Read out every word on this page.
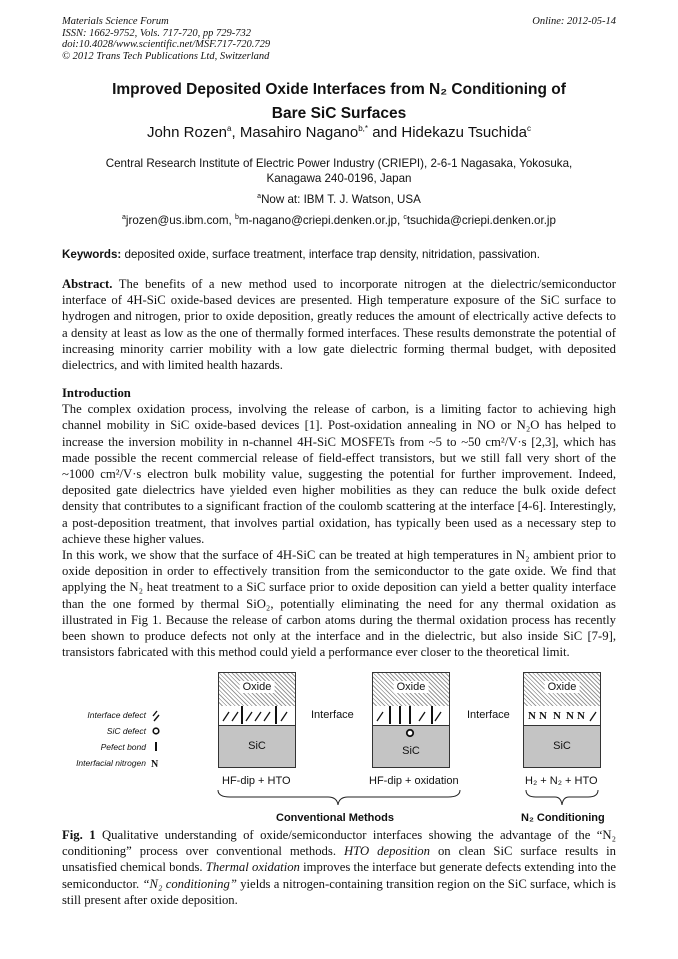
Materials Science Forum
ISSN: 1662-9752, Vols. 717-720, pp 729-732
doi:10.4028/www.scientific.net/MSF.717-720.729
© 2012 Trans Tech Publications Ltd, Switzerland
Online: 2012-05-14
Improved Deposited Oxide Interfaces from N₂ Conditioning of
Bare SiC Surfaces
John Rozen$^a$, Masahiro Nagano$^{b,*}$ and Hidekazu Tsuchida$^c$
Central Research Institute of Electric Power Industry (CRIEPI), 2-6-1 Nagasaka, Yokosuka,
Kanagawa 240-0196, Japan
$^a$Now at: IBM T. J. Watson, USA
$^a$jrozen@us.ibm.com, $^b$m-nagano@criepi.denken.or.jp, $^c$tsuchida@criepi.denken.or.jp
Keywords: deposited oxide, surface treatment, interface trap density, nitridation, passivation.

Abstract. The benefits of a new method used to incorporate nitrogen at the dielectric/semiconductor interface of 4H-SiC oxide-based devices are presented. High temperature exposure of the SiC surface to hydrogen and nitrogen, prior to oxide deposition, greatly reduces the amount of electrically active defects to a density at least as low as the one of thermally formed interfaces. These results demonstrate the potential of increasing minority carrier mobility with a low gate dielectric forming thermal budget, with deposited dielectrics, and with limited health hazards.

Introduction

The complex oxidation process, involving the release of carbon, is a limiting factor to achieving high channel mobility in SiC oxide-based devices [1]. Post-oxidation annealing in NO or N₂O has helped to increase the inversion mobility in n-channel 4H-SiC MOSFETs from ~5 to ~50 cm²/V·s [2,3], which has made possible the recent commercial release of field-effect transistors, but we still fall very short of the ~1000 cm²/V·s electron bulk mobility value, suggesting the potential for further improvement. Indeed, deposited gate dielectrics have yielded even higher mobilities as they can reduce the bulk oxide defect density that contributes to a significant fraction of the coulomb scattering at the interface [4-6]. Interestingly, a post-deposition treatment, that involves partial oxidation, has typically been used as a necessary step to achieve these higher values.

In this work, we show that the surface of 4H-SiC can be treated at high temperatures in N₂ ambient prior to oxide deposition in order to effectively transition from the semiconductor to the gate oxide. We find that applying the N₂ heat treatment to a SiC surface prior to oxide deposition can yield a better quality interface than the one formed by thermal SiO₂, potentially eliminating the need for any thermal oxidation as illustrated in Fig 1. Because the release of carbon atoms during the thermal oxidation process has recently been shown to produce defects not only at the interface and in the dielectric, but also inside SiC [7-9], transistors fabricated with this method could yield a performance ever closer to the theoretical limit.

Interface defect
SiC defect
Pefect bond
Interfacial nitrogen N
Oxide
SiC
Oxide
SiC
Oxide
N N N N N
SiC
Interface	Interface
HF-dip + HTO	HF-dip + oxidation	H₂ + N₂ + HTO
Conventional Methods	N₂ Conditioning

Fig. 1 Qualitative understanding of oxide/semiconductor interfaces showing the advantage of the “N₂ conditioning” process over conventional methods. HTO deposition on clean SiC surface results in unsatisfied chemical bonds. Thermal oxidation improves the interface but generate defects extending into the semiconductor. “N₂ conditioning” yields a nitrogen-containing transition region on the SiC surface, which is still present after oxide deposition.
